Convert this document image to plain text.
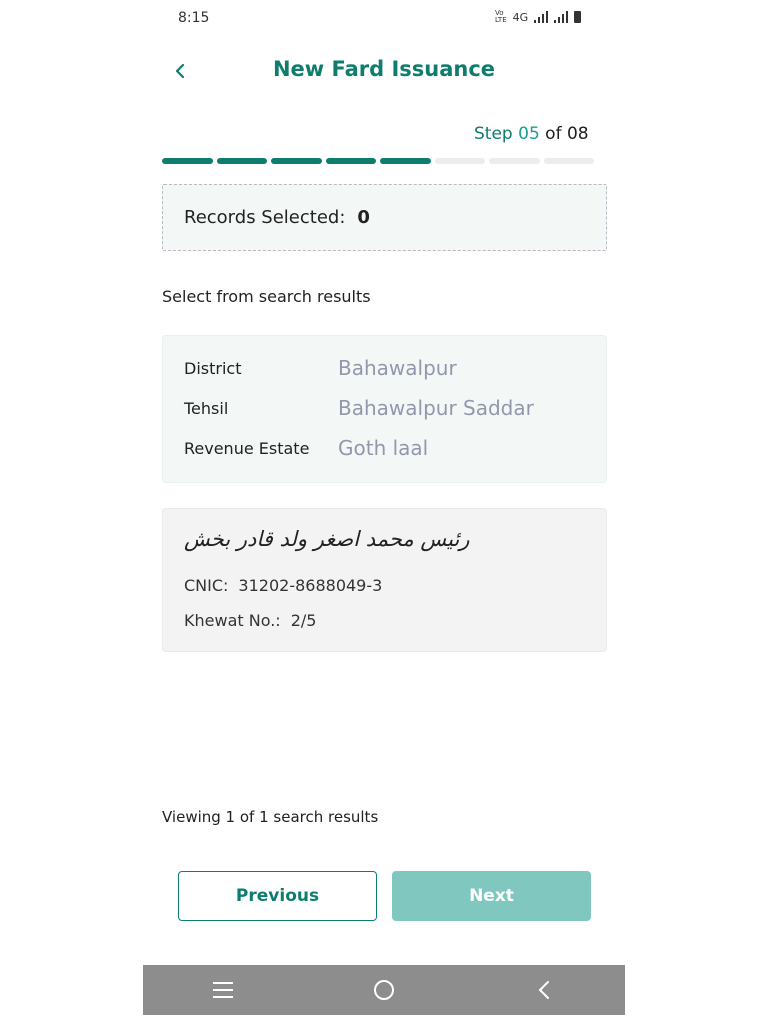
8:15	Vo
LTE 4G
New Fard Issuance
Step 05 of 08
Records Selected: 0
Select from search results
District	Bahawalpur
Tehsil	Bahawalpur Saddar
Revenue Estate	Goth laal
رئیس محمد اصغر ولد قادر بخش
CNIC: 31202-8688049-3
Khewat No.: 2/5
Viewing 1 of 1 search results
Previous	Next
